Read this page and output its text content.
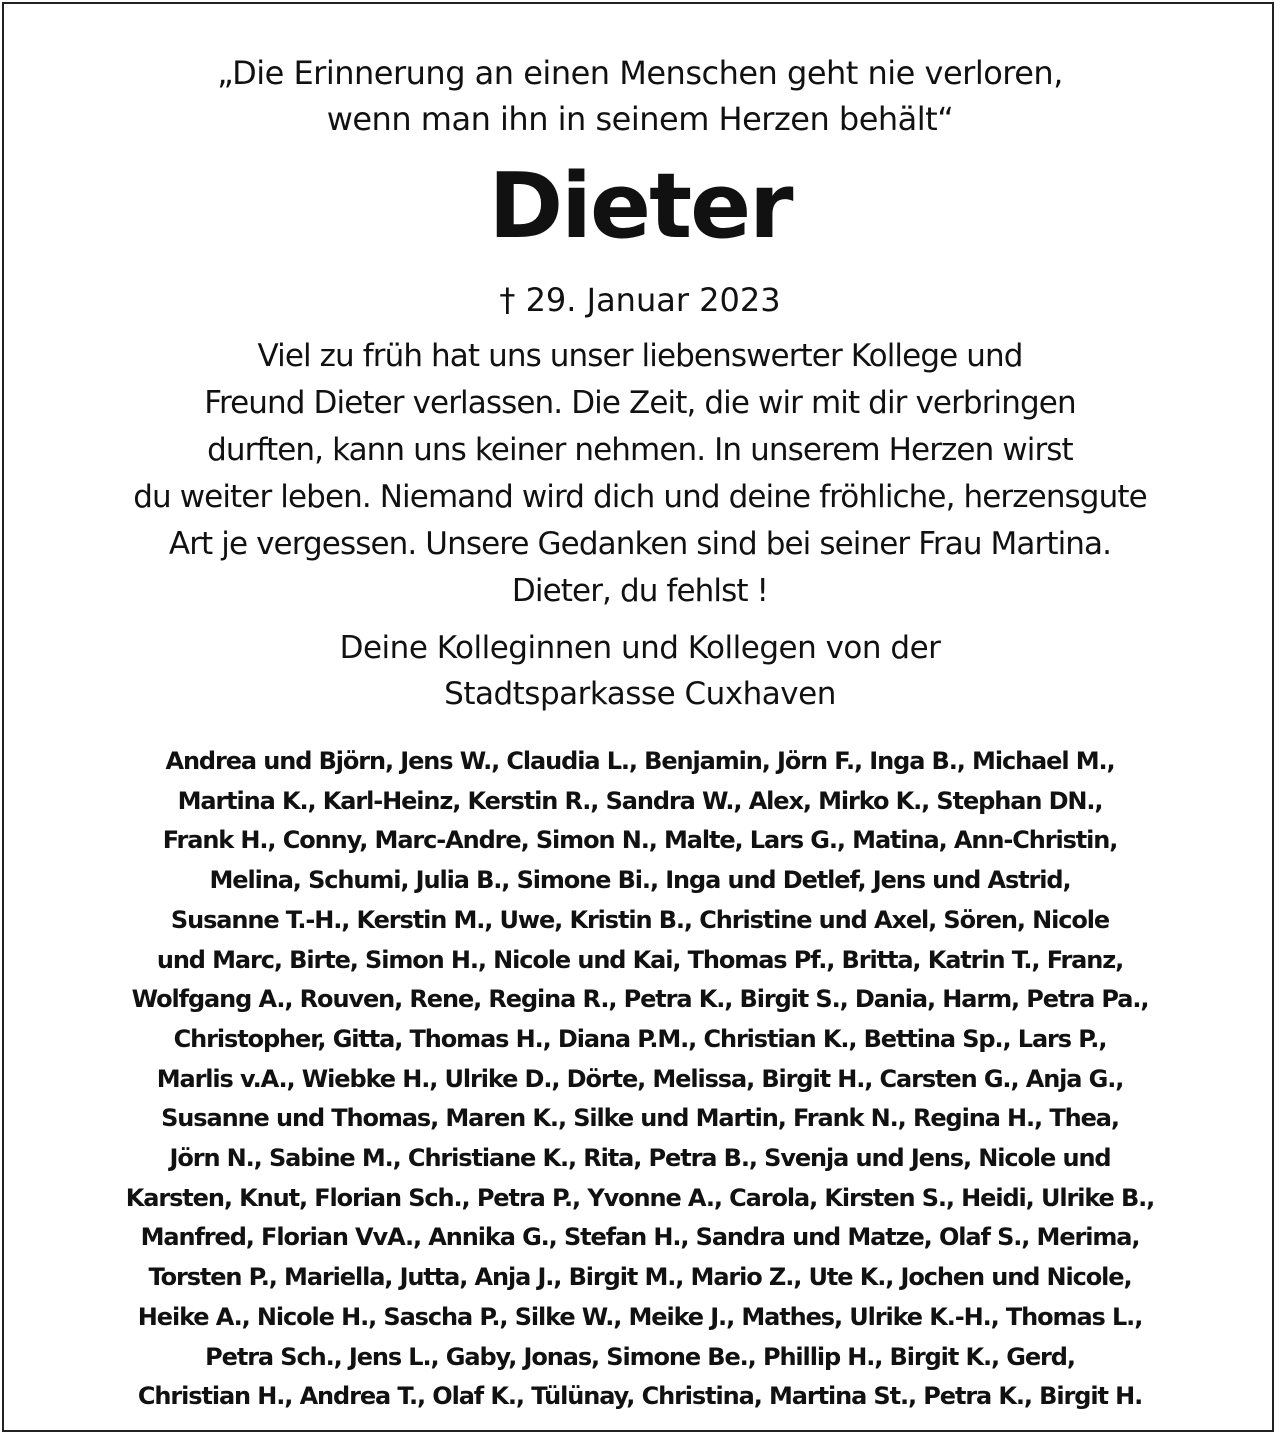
„Die Erinnerung an einen Menschen geht nie verloren,
wenn man ihn in seinem Herzen behält“
Dieter
† 29. Januar 2023
Viel zu früh hat uns unser liebenswerter Kollege und
Freund Dieter verlassen. Die Zeit, die wir mit dir verbringen
durften, kann uns keiner nehmen. In unserem Herzen wirst
du weiter leben. Niemand wird dich und deine fröhliche, herzensgute
Art je vergessen. Unsere Gedanken sind bei seiner Frau Martina.
Dieter, du fehlst !
Deine Kolleginnen und Kollegen von der
Stadtsparkasse Cuxhaven
Andrea und Björn, Jens W., Claudia L., Benjamin, Jörn F., Inga B., Michael M.,
Martina K., Karl-Heinz, Kerstin R., Sandra W., Alex, Mirko K., Stephan DN.,
Frank H., Conny, Marc-Andre, Simon N., Malte, Lars G., Matina, Ann-Christin,
Melina, Schumi, Julia B., Simone Bi., Inga und Detlef, Jens und Astrid,
Susanne T.-H., Kerstin M., Uwe, Kristin B., Christine und Axel, Sören, Nicole
und Marc, Birte, Simon H., Nicole und Kai, Thomas Pf., Britta, Katrin T., Franz,
Wolfgang A., Rouven, Rene, Regina R., Petra K., Birgit S., Dania, Harm, Petra Pa.,
Christopher, Gitta, Thomas H., Diana P.M., Christian K., Bettina Sp., Lars P.,
Marlis v.A., Wiebke H., Ulrike D., Dörte, Melissa, Birgit H., Carsten G., Anja G.,
Susanne und Thomas, Maren K., Silke und Martin, Frank N., Regina H., Thea,
Jörn N., Sabine M., Christiane K., Rita, Petra B., Svenja und Jens, Nicole und
Karsten, Knut, Florian Sch., Petra P., Yvonne A., Carola, Kirsten S., Heidi, Ulrike B.,
Manfred, Florian VvA., Annika G., Stefan H., Sandra und Matze, Olaf S., Merima,
Torsten P., Mariella, Jutta, Anja J., Birgit M., Mario Z., Ute K., Jochen und Nicole,
Heike A., Nicole H., Sascha P., Silke W., Meike J., Mathes, Ulrike K.-H., Thomas L.,
Petra Sch., Jens L., Gaby, Jonas, Simone Be., Phillip H., Birgit K., Gerd,
Christian H., Andrea T., Olaf K., Tülünay, Christina, Martina St., Petra K., Birgit H.
